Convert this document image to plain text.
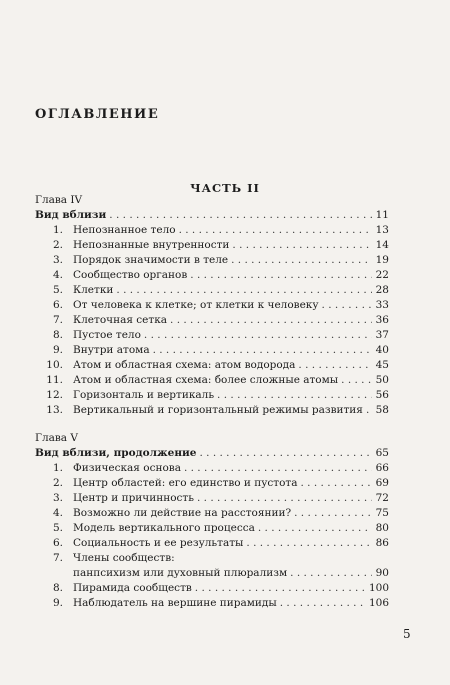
ОГЛАВЛЕНИЕ
ЧАСТЬ II
Глава IV
Вид вблизи . . .	11
1. Непознанное тело . . .	13
2. Непознанные внутренности . . .	14
3. Порядок значимости в теле . . .	19
4. Сообщество органов . . .	22
5. Клетки . . .	28
6. От человека к клетке; от клетки к человеку . . .	33
7. Клеточная сетка . . .	36
8. Пустое тело . . .	37
9. Внутри атома . . .	40
10. Атом и областная схема: атом водорода . . .	45
11. Атом и областная схема: более сложные атомы . . .	50
12. Горизонталь и вертикаль . . .	56
13. Вертикальный и горизонтальный режимы развития . . . 58
Глава V
Вид вблизи, продолжение . . .	65
1. Физическая основа . . .	66
2. Центр областей: его единство и пустота . . .	69
3. Центр и причинность . . .	72
4. Возможно ли действие на расстоянии? . . .	75
5. Модель вертикального процесса . . .	80
6. Социальность и ее результаты . . .	86
7. Члены сообществ:
панпсихизм или духовный плюрализм . . .	90
8. Пирамида сообществ . . .	100
9. Наблюдатель на вершине пирамиды . . .	106
5
